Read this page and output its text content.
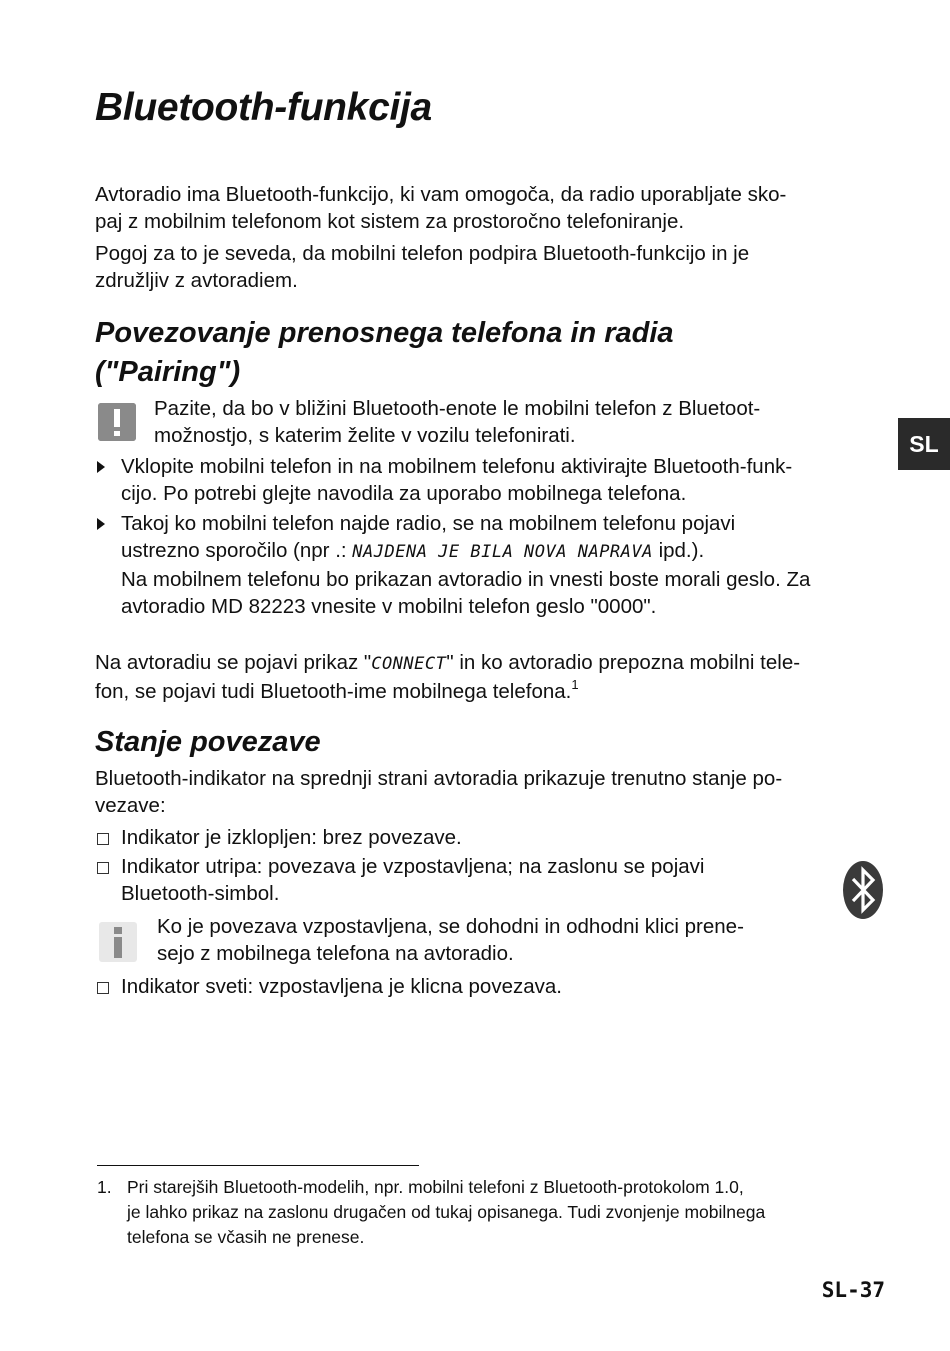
Bluetooth-funkcija
Avtoradio ima Bluetooth-funkcijo, ki vam omogoča, da radio uporabljate sko-
paj z mobilnim telefonom kot sistem za prostoročno telefoniranje.
Pogoj za to je seveda, da mobilni telefon podpira Bluetooth-funkcijo in je
združljiv z avtoradiem.
Povezovanje prenosnega telefona in radia
("Pairing")
Pazite, da bo v bližini Bluetooth-enote le mobilni telefon z Bluetoot-
možnostjo, s katerim želite v vozilu telefonirati.	SL
Vklopite mobilni telefon in na mobilnem telefonu aktivirajte Bluetooth-funk-
cijo. Po potrebi glejte navodila za uporabo mobilnega telefona.
Takoj ko mobilni telefon najde radio, se na mobilnem telefonu pojavi
ustrezno sporočilo (npr .: NAJDENA JE BILA NOVA NAPRAVA ipd.).
Na mobilnem telefonu bo prikazan avtoradio in vnesti boste morali geslo. Za
avtoradio MD 82223 vnesite v mobilni telefon geslo "0000".
Na avtoradiu se pojavi prikaz "CONNECT" in ko avtoradio prepozna mobilni tele-
fon, se pojavi tudi Bluetooth-ime mobilnega telefona.$^1$
Stanje povezave
Bluetooth-indikator na sprednji strani avtoradia prikazuje trenutno stanje po-
vezave:
Indikator je izklopljen: brez povezave.
Indikator utripa: povezava je vzpostavljena; na zaslonu se pojavi
Bluetooth-simbol.
Ko je povezava vzpostavljena, se dohodni in odhodni klici prene-
sejo z mobilnega telefona na avtoradio.
Indikator sveti: vzpostavljena je klicna povezava.
1. Pri starejših Bluetooth-modelih, npr. mobilni telefoni z Bluetooth-protokolom 1.0,
je lahko prikaz na zaslonu drugačen od tukaj opisanega. Tudi zvonjenje mobilnega
telefona se včasih ne prenese.
SL-37
